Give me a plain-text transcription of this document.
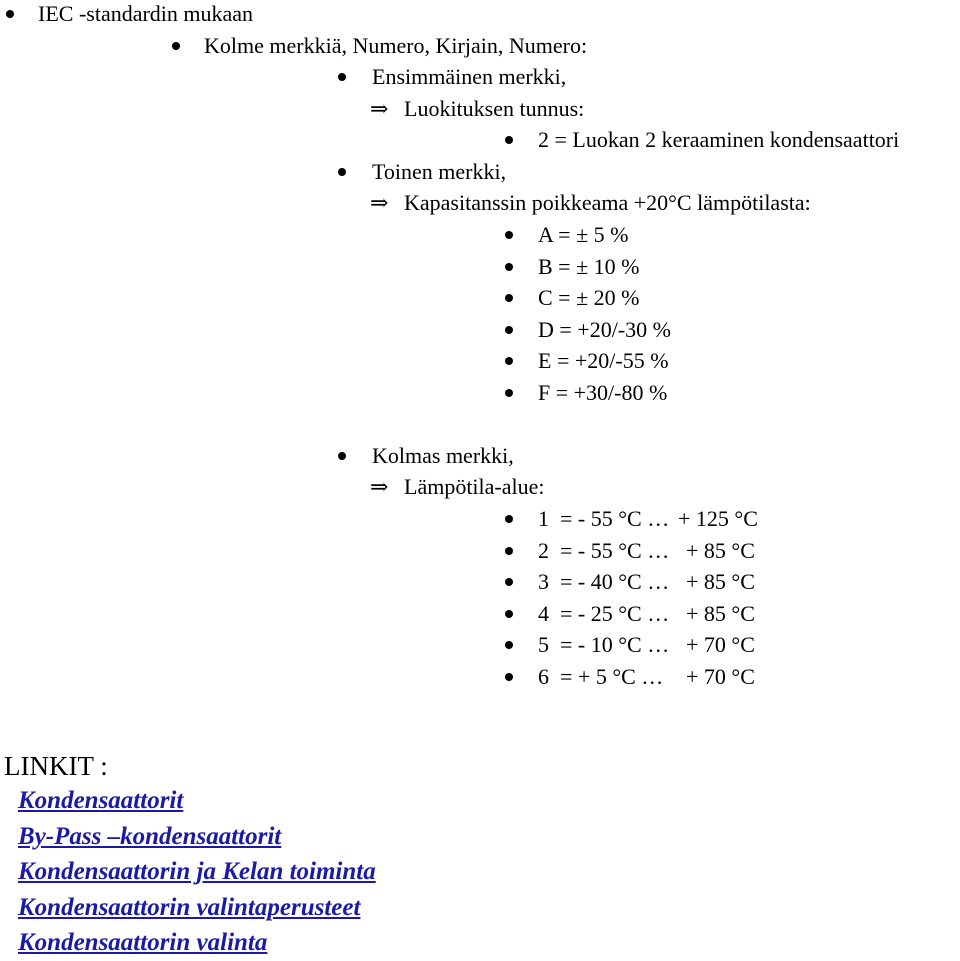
IEC -standardin mukaan
Kolme merkkiä, Numero, Kirjain, Numero:
Ensimmäinen merkki,
⇒ Luokituksen tunnus:
2 = Luokan 2 keraaminen kondensaattori
Toinen merkki,
⇒ Kapasitanssin poikkeama +20°C lämpötilasta:
A = ± 5 %
B = ± 10 %
C = ± 20 %
D = +20/-30 %
E = +20/-55 %
F = +30/-80 %
Kolmas merkki,
⇒ Lämpötila-alue:
1 = - 55 °C … + 125 °C
2 = - 55 °C … + 85 °C
3 = - 40 °C … + 85 °C
4 = - 25 °C … + 85 °C
5 = - 10 °C … + 70 °C
6 = + 5 °C … + 70 °C
LINKIT :
Kondensaattorit
By-Pass –kondensaattorit
Kondensaattorin ja Kelan toiminta
Kondensaattorin valintaperusteet
Kondensaattorin valinta
